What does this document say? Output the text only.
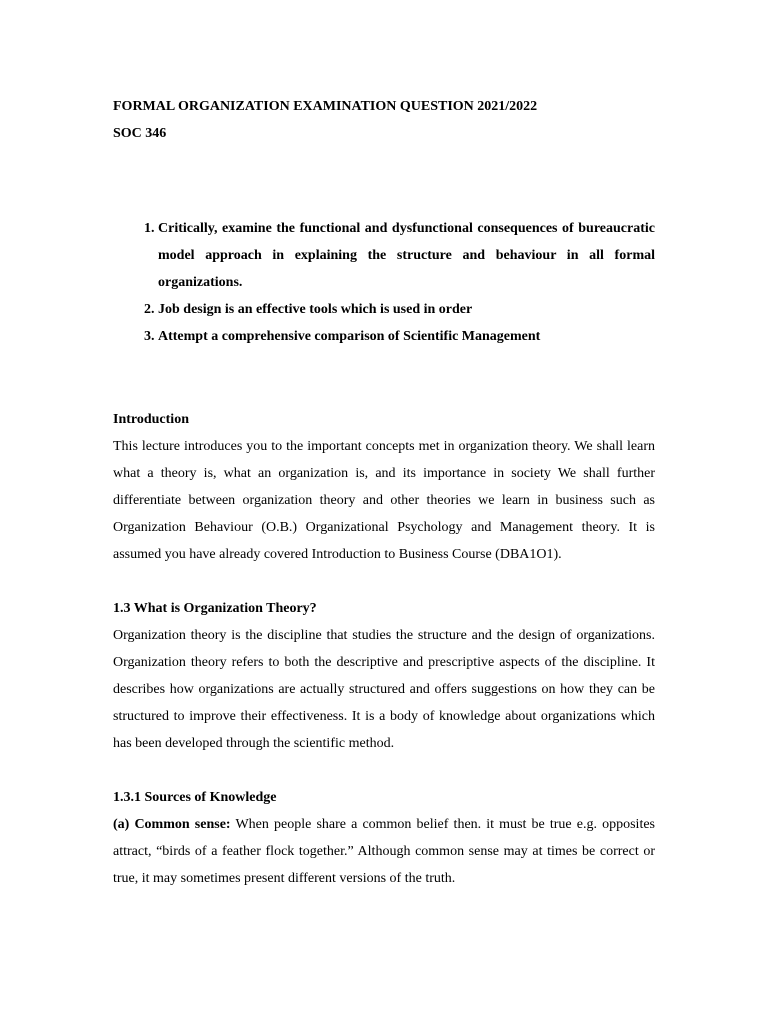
FORMAL ORGANIZATION EXAMINATION QUESTION 2021/2022

SOC 346

1. Critically, examine the functional and dysfunctional consequences of bureaucratic model approach in explaining the structure and behaviour in all formal organizations.
2. Job design is an effective tools which is used in order
3. Attempt a comprehensive comparison of Scientific Management
Introduction

This lecture introduces you to the important concepts met in organization theory. We shall learn what a theory is, what an organization is, and its importance in society We shall further differentiate between organization theory and other theories we learn in business such as Organization Behaviour (O.B.) Organizational Psychology and Management theory. It is assumed you have already covered Introduction to Business Course (DBA1O1).

1.3 What is Organization Theory?

Organization theory is the discipline that studies the structure and the design of organizations. Organization theory refers to both the descriptive and prescriptive aspects of the discipline. It describes how organizations are actually structured and offers suggestions on how they can be structured to improve their effectiveness. It is a body of knowledge about organizations which has been developed through the scientific method.

1.3.1 Sources of Knowledge

(a) Common sense: When people share a common belief then. it must be true e.g. opposites attract, “birds of a feather flock together.” Although common sense may at times be correct or true, it may sometimes present different versions of the truth.
